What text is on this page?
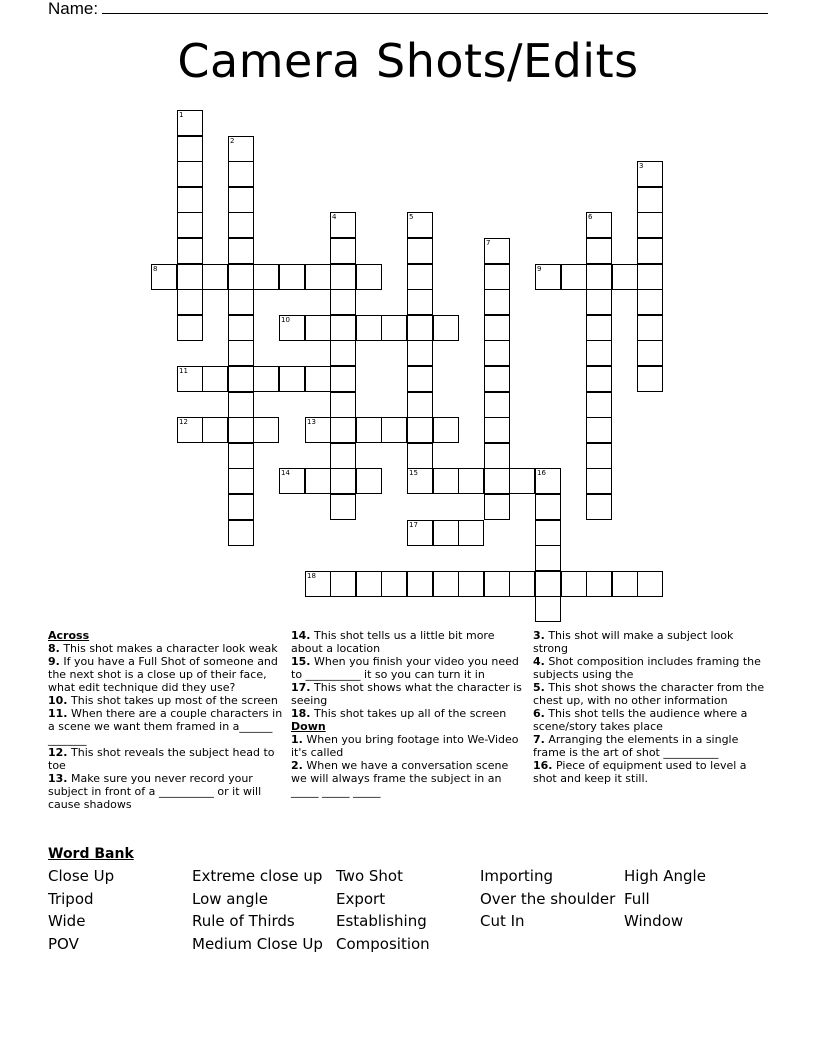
Name:
Camera Shots/Edits
1
2
3
4	5
15
6
7
8	9
10
11
12	13
14	16
17
18
Across
8. This shot makes a character look weak
9. If you have a Full Shot of someone and the next shot is a close up of their face, what edit technique did they use?
10. This shot takes up most of the screen
11. When there are a couple characters in a scene we want them framed in a______ _______
12. This shot reveals the subject head to toe
13. Make sure you never record your subject in front of a __________ or it will cause shadows
14. This shot tells us a little bit more about a location
15. When you finish your video you need to __________ it so you can turn it in
17. This shot shows what the character is seeing
18. This shot takes up all of the screen
Down
1. When you bring footage into We-Video it's called
2. When we have a conversation scene we will always frame the subject in an _____ _____ _____
3. This shot will make a subject look strong
4. Shot composition includes framing the subjects using the
5. This shot shows the character from the chest up, with no other information
6. This shot tells the audience where a scene/story takes place
7. Arranging the elements in a single frame is the art of shot __________
16. Piece of equipment used to level a shot and keep it still.
Word Bank
Close Up
Tripod
Wide
POV
Extreme close up
Low angle
Rule of Thirds
Medium Close Up
Two Shot
Export
Establishing
Composition
Importing
Over the shoulder
Cut In
High Angle
Full
Window
